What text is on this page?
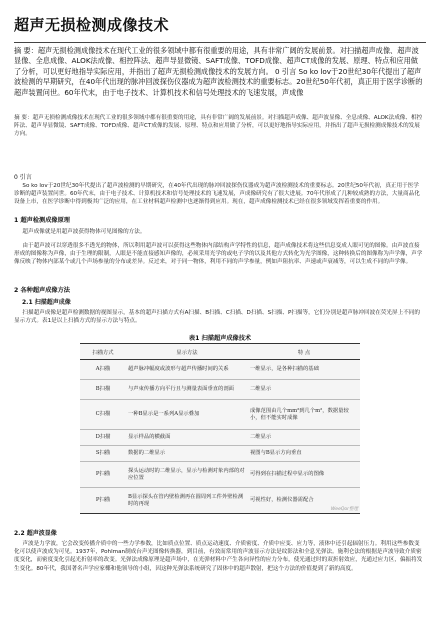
超声无损检测成像技术
摘 要：超声无损检测成像技术在现代工业的很多领域中都有很重要的用途，具有非常广阔的发展前景。对扫描超声成像、超声波显像、全息成像、ALOK法成像、相控阵法、超声导显微镜、SAFT成像、TOFD成像、超声CT成像的发展、原理、特点和应用做了分析，可以更好地指导实际应用，并指出了超声无损检测成像技术的发展方向。 0 引言 So ko lov于20世纪30年代提出了超声波检测的早期研究，在40年代出现的脉冲回波探伤仪器成为超声波检测技术的重要标志。20世纪50年代初，真正用于医学诊断的超声装置问世。60年代末，由于电子技术、计算机技术和信号处理技术的飞速发展，声成像
摘 要：超声无损检测成像技术在现代工业的很多领域中都有很重要的用途，具有非常广阔的发展前景。对扫描超声成像、超声波显像、全息成像、ALOK法成像、相控阵法、超声导显微镜、SAFT成像、TOFD成像、超声CT成像的发展、原理、特点和应用做了分析，可以更好地指导实际应用，并指出了超声无损检测成像技术的发展方向。
0 引言
So ko lov于20世纪30年代提出了超声波检测的早期研究，在40年代出现的脉冲回波探伤仪器成为超声波检测技术的重要标志。20世纪50年代初，真正用于医学诊断的超声装置问世。60年代末，由于电子技术、计算机技术和信号处理技术的飞速发展，声成像研究有了很大进展。70年代形成了几种较成熟的方法，大量商品化设备上市，在医学诊断中得到极其广泛的应用，在工业材料超声检测中也逐渐得到应用。现在，超声成像检测技术已经在很多领域发挥着重要的作用。
1 超声检测成像原理
超声成像就是用超声波获得物体可见图像的方法。
由于超声波可以穿透很多不透光的物体，所以利用超声波可以获得这些物体内部结构声学特性的信息，超声成像技术将这些信息变成人眼可见的图像。由声波直接形成的图像称为声像，由于生理的限制，人眼是不能直接感知声像的，必须采用光学的或电子学的以及其他方式转化为光学图像，这种转换后的图像称为声学像，声学像反映了物体内部某个或几个声场参量的分布或差异。反过来，对于同一物体，利用不同的声学参量，例如声阻抗率、声速或声衰减等，可以生成不同的声学像。
2 各种超声成像方法
2.1 扫描超声成像
扫描超声成像是超声检测数据的视图显示，基本的超声扫描方式有A扫描、B扫描、C扫描、D扫描、S扫描、P扫描等，它们分别是超声脉冲回波在荧光屏上不同的显示方式。表1是以上扫描方式的显示方法与特点。
表1 扫描超声成像技术
扫描方式	显示方法	特 点
A扫描	超声脉冲幅度或波形与超声传播时间的关系	一维显示，是各种扫描的基础
B扫描	与声束传播方向平行且与测量表面垂直的剖面	二维显示
C扫描	一种B显示是一系列A显示叠加	成像范围由几个mm²到几个m²，数据量较小，但不能实时成像
D扫描	显示样品的横截面	二维显示
S扫描	数据的二维显示	视图与B显示方向垂直
P扫描	探头运动时的二维显示，显示与检测对象内部的对应位置	可得到在扫描过程中显示的图像
P扫描	B显示探头在管内壁检测再在圆周列工件外壁检测时的再现	可视性好，检测仪器需配合
WeeQor整理
2.2 超声波显像
声波是力学波，它会改变传播介质中的一些力学参数，比如质点位置、质点运动速度、介质密度、介质中应变、应力等，液体中还引起辐射压力。利用这些参数变化可以使声波成为可见。1937年，Pohlman制成台声光图像转换器，到目前，有效而常用的声波显示方法是纹影法和全息光弹法。施利仑法的根据是声波导致介质密度变化，而密度变化引起光折射率的改变。光弹法成像原理是超声场中，在光弹材料中产生各向异性的应力分布，使光通过时的双折射效应，光通过应力区，偏振将发生变化。80年代，我国著名声学应家椰和他领导的小组，因这种光弹法系统研究了固体中的超声散射，把这个方法的价值提到了新的高度。
